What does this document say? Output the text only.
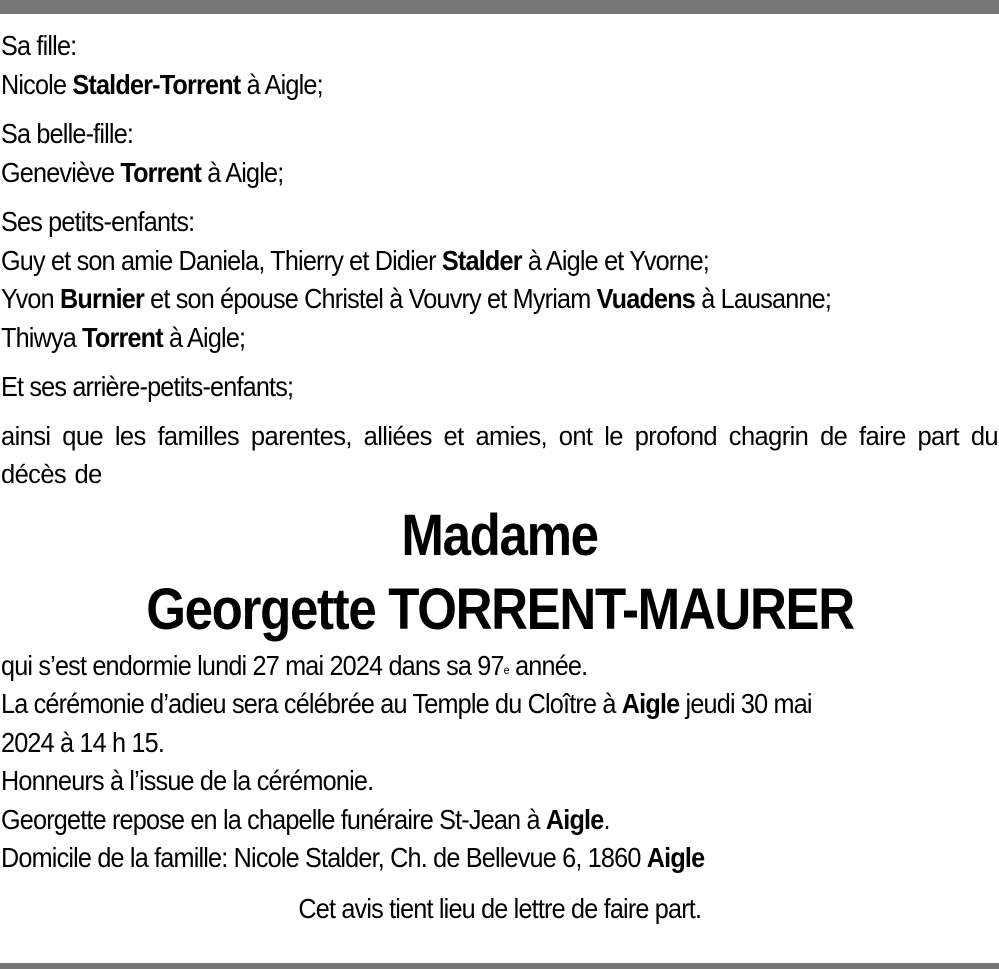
Sa fille:
Nicole Stalder-Torrent à Aigle;
Sa belle-fille:
Geneviève Torrent à Aigle;
Ses petits-enfants:
Guy et son amie Daniela, Thierry et Didier Stalder à Aigle et Yvorne;
Yvon Burnier et son épouse Christel à Vouvry et Myriam Vuadens à Lausanne;
Thiwya Torrent à Aigle;
Et ses arrière-petits-enfants;
ainsi que les familles parentes, alliées et amies, ont le profond chagrin de faire part du décès de
Madame
Georgette TORRENT-MAURER
qui s’est endormie lundi 27 mai 2024 dans sa 97e année.
La cérémonie d’adieu sera célébrée au Temple du Cloître à Aigle jeudi 30 mai
2024 à 14 h 15.
Honneurs à l’issue de la cérémonie.
Georgette repose en la chapelle funéraire St-Jean à Aigle.
Domicile de la famille: Nicole Stalder, Ch. de Bellevue 6, 1860 Aigle
Cet avis tient lieu de lettre de faire part.
